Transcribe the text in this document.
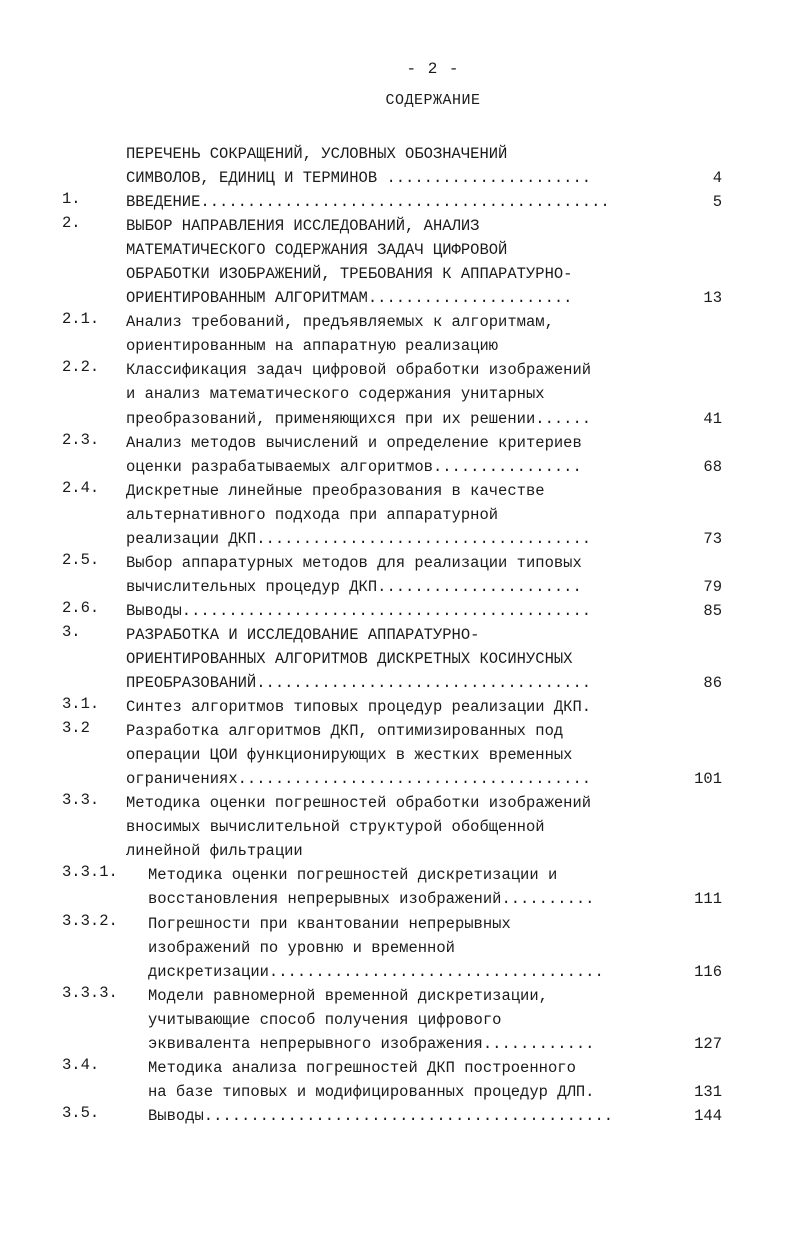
- 2 -
СОДЕРЖАНИЕ
ПЕРЕЧЕНЬ СОКРАЩЕНИЙ, УСЛОВНЫХ ОБОЗНАЧЕНИЙ
СИМВОЛОВ, ЕДИНИЦ И ТЕРМИНОВ ......................	4
1.	ВВЕДЕНИЕ............................................	5
2.	ВЫБОР НАПРАВЛЕНИЯ ИССЛЕДОВАНИЙ, АНАЛИЗ
МАТЕМАТИЧЕСКОГО СОДЕРЖАНИЯ ЗАДАЧ ЦИФРОВОЙ
ОБРАБОТКИ ИЗОБРАЖЕНИЙ, ТРЕБОВАНИЯ К АППАРАТУРНО-
ОРИЕНТИРОВАННЫМ АЛГОРИТМАМ......................	13
2.1.	Анализ требований, предъявляемых к алгоритмам,
ориентированным на аппаратную реализацию
2.2.	Классификация задач цифровой обработки изображений
и анализ математического содержания унитарных
преобразований, применяющихся при их решении......	41
2.3.	Анализ методов вычислений и определение критериев
оценки разрабатываемых алгоритмов................	68
2.4.	Дискретные линейные преобразования в качестве
альтернативного подхода при аппаратурной
реализации ДКП....................................	73
2.5.	Выбор аппаратурных методов для реализации типовых
вычислительных процедур ДКП......................	79
2.6.	Выводы............................................	85
3.	РАЗРАБОТКА И ИССЛЕДОВАНИЕ АППАРАТУРНО-
ОРИЕНТИРОВАННЫХ АЛГОРИТМОВ ДИСКРЕТНЫХ КОСИНУСНЫХ
ПРЕОБРАЗОВАНИЙ....................................	86
3.1.	Синтез алгоритмов типовых процедур реализации ДКП.
3.2	Разработка алгоритмов ДКП, оптимизированных под
операции ЦОИ функционирующих в жестких временных
ограничениях......................................	101
3.3.	Методика оценки погрешностей обработки изображений
вносимых вычислительной структурой обобщенной
линейной фильтрации
3.3.1.	Методика оценки погрешностей дискретизации и
восстановления непрерывных изображений..........	111
3.3.2.	Погрешности при квантовании непрерывных
изображений по уровню и временной
дискретизации....................................	116
3.3.3.	Модели равномерной временной дискретизации,
учитывающие способ получения цифрового
эквивалента непрерывного изображения............	127
3.4.	Методика анализа погрешностей ДКП построенного
на базе типовых и модифицированных процедур ДЛП.	131
3.5.	Выводы............................................	144
